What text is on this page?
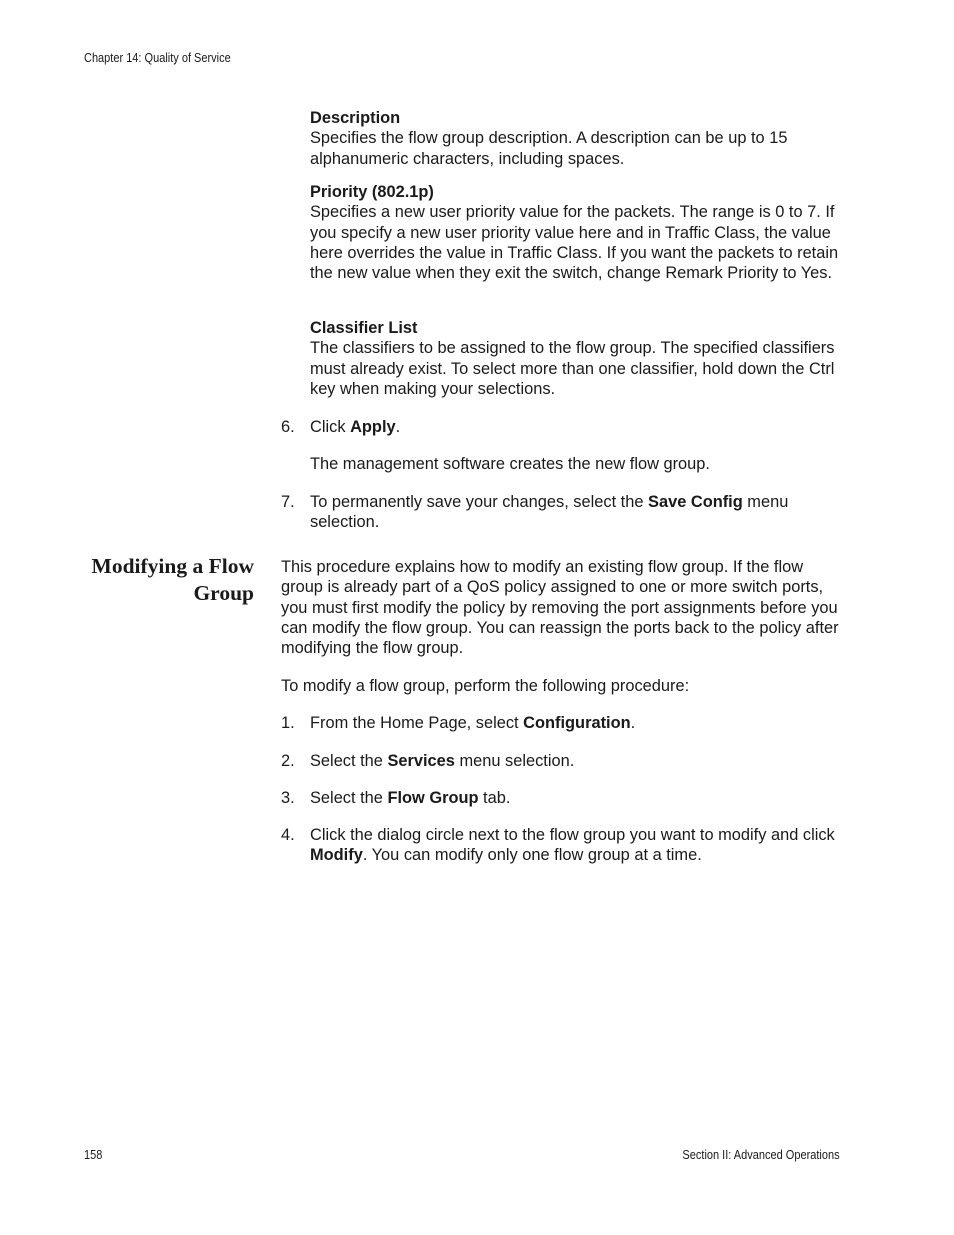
Chapter 14: Quality of Service

Description

Specifies the flow group description. A description can be up to 15 alphanumeric characters, including spaces.

Priority (802.1p)

Specifies a new user priority value for the packets. The range is 0 to 7. If you specify a new user priority value here and in Traffic Class, the value here overrides the value in Traffic Class. If you want the packets to retain the new value when they exit the switch, change Remark Priority to Yes.

Classifier List

The classifiers to be assigned to the flow group. The specified classifiers must already exist. To select more than one classifier, hold down the Ctrl key when making your selections.

6. Click Apply.
The management software creates the new flow group.
7. To permanently save your changes, select the Save Config menu selection.
Modifying a Flow
Group

This procedure explains how to modify an existing flow group. If the flow group is already part of a QoS policy assigned to one or more switch ports, you must first modify the policy by removing the port assignments before you can modify the flow group. You can reassign the ports back to the policy after modifying the flow group.

To modify a flow group, perform the following procedure:

1. From the Home Page, select Configuration.
2. Select the Services menu selection.
3. Select the Flow Group tab.
4. Click the dialog circle next to the flow group you want to modify and click Modify. You can modify only one flow group at a time.
158	Section II: Advanced Operations
